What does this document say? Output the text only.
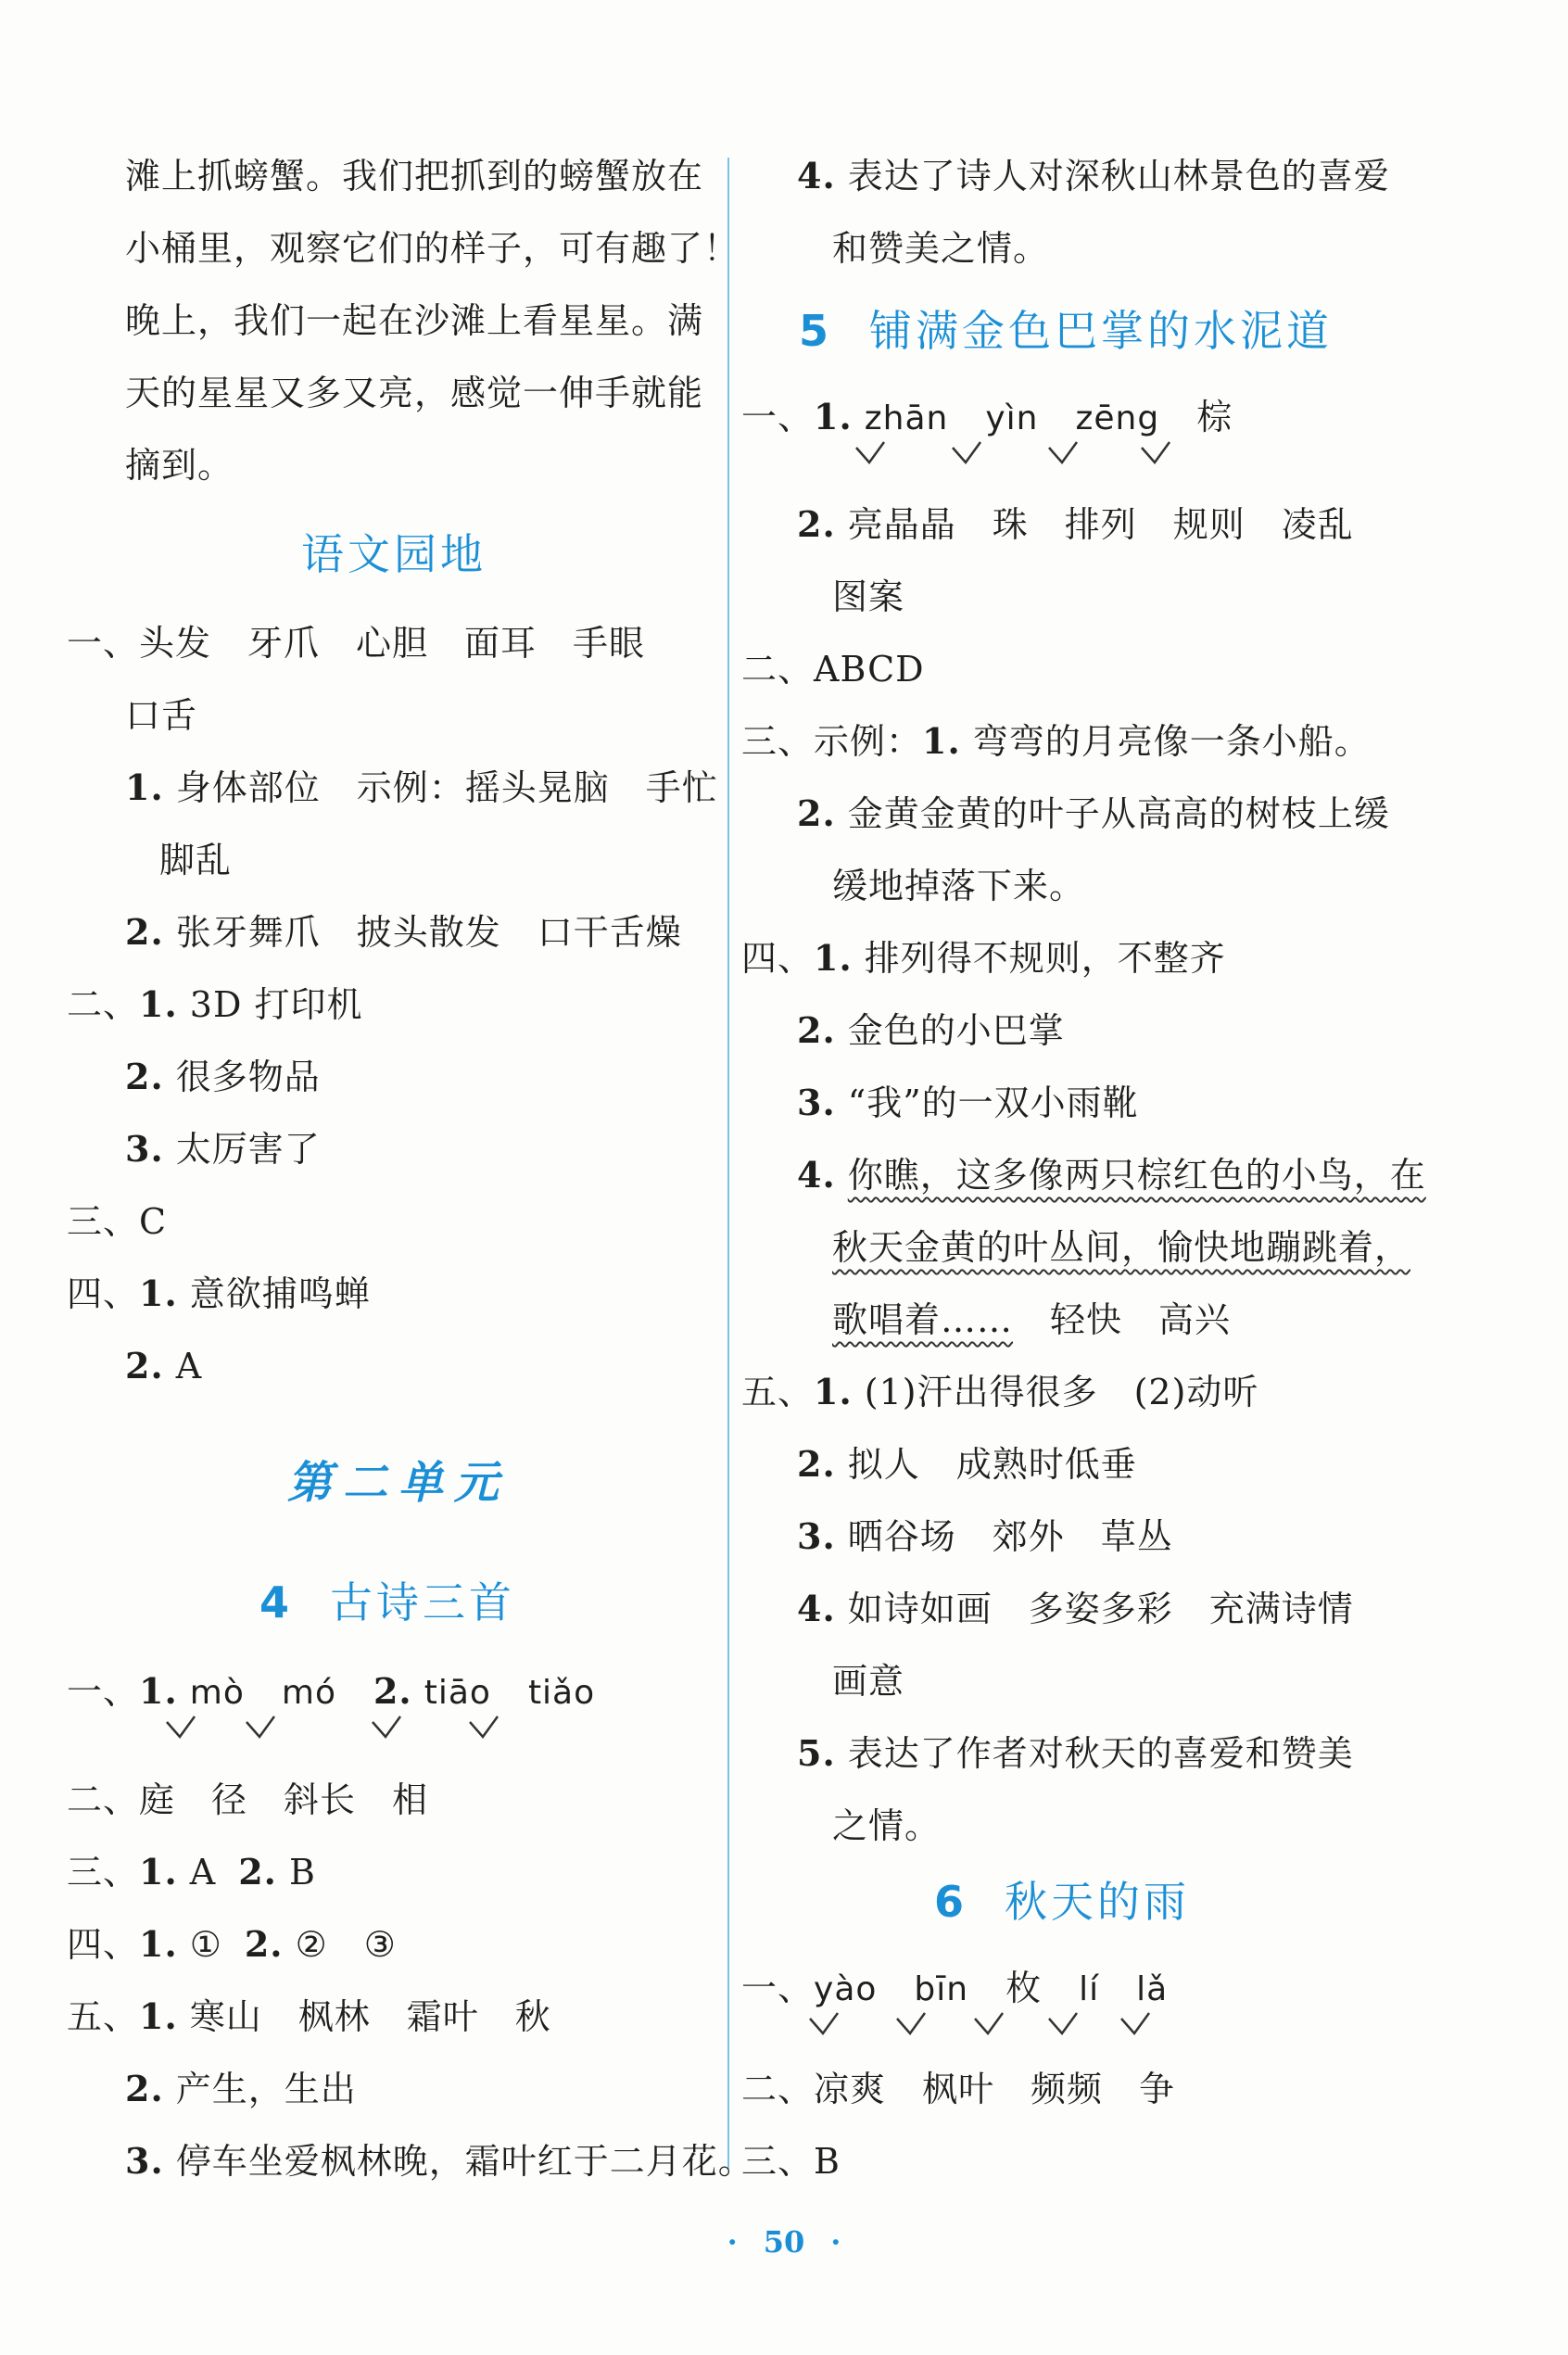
滩上抓螃蟹。我们把抓到的螃蟹放在
小桶里，观察它们的样子，可有趣了！
晚上，我们一起在沙滩上看星星。满
天的星星又多又亮，感觉一伸手就能
摘到。
语文园地
一、头发　牙爪　心胆　面耳　手眼
口舌
1. 身体部位　示例：摇头晃脑　手忙
脚乱
2. 张牙舞爪　披头散发　口干舌燥
二、1. 3D 打印机
2. 很多物品
3. 太厉害了
三、C
四、1. 意欲捕鸣蝉
2. A
第二单元
4 古诗三首
一、1. mò mó 2. tiāo tiǎo
二、庭　径　斜长　相
三、1. A 2. B
四、1. ① 2. ②　③
五、1. 寒山　枫林　霜叶　秋
2. 产生，生出
3. 停车坐爱枫林晚，霜叶红于二月花。
4. 表达了诗人对深秋山林景色的喜爱
和赞美之情。
5 铺满金色巴掌的水泥道
一、1. zhān yìn zēng 棕
2. 亮晶晶　珠　排列　规则　凌乱
图案
二、ABCD
三、示例：1. 弯弯的月亮像一条小船。
2. 金黄金黄的叶子从高高的树枝上缓
缓地掉落下来。
四、1. 排列得不规则，不整齐
2. 金色的小巴掌
3. “我”的一双小雨靴
4. 你瞧，这多像两只棕红色的小鸟，在
秋天金黄的叶丛间，愉快地蹦跳着，
歌唱着…… 轻快　高兴
五、1. (1)汗出得很多　(2)动听
2. 拟人　成熟时低垂
3. 晒谷场　郊外　草丛
4. 如诗如画　多姿多彩　充满诗情
画意
5. 表达了作者对秋天的喜爱和赞美
之情。
6 秋天的雨
一、yào bīn 枚 lí lǎ
二、凉爽　枫叶　频频　争
三、B
· 50 ·
